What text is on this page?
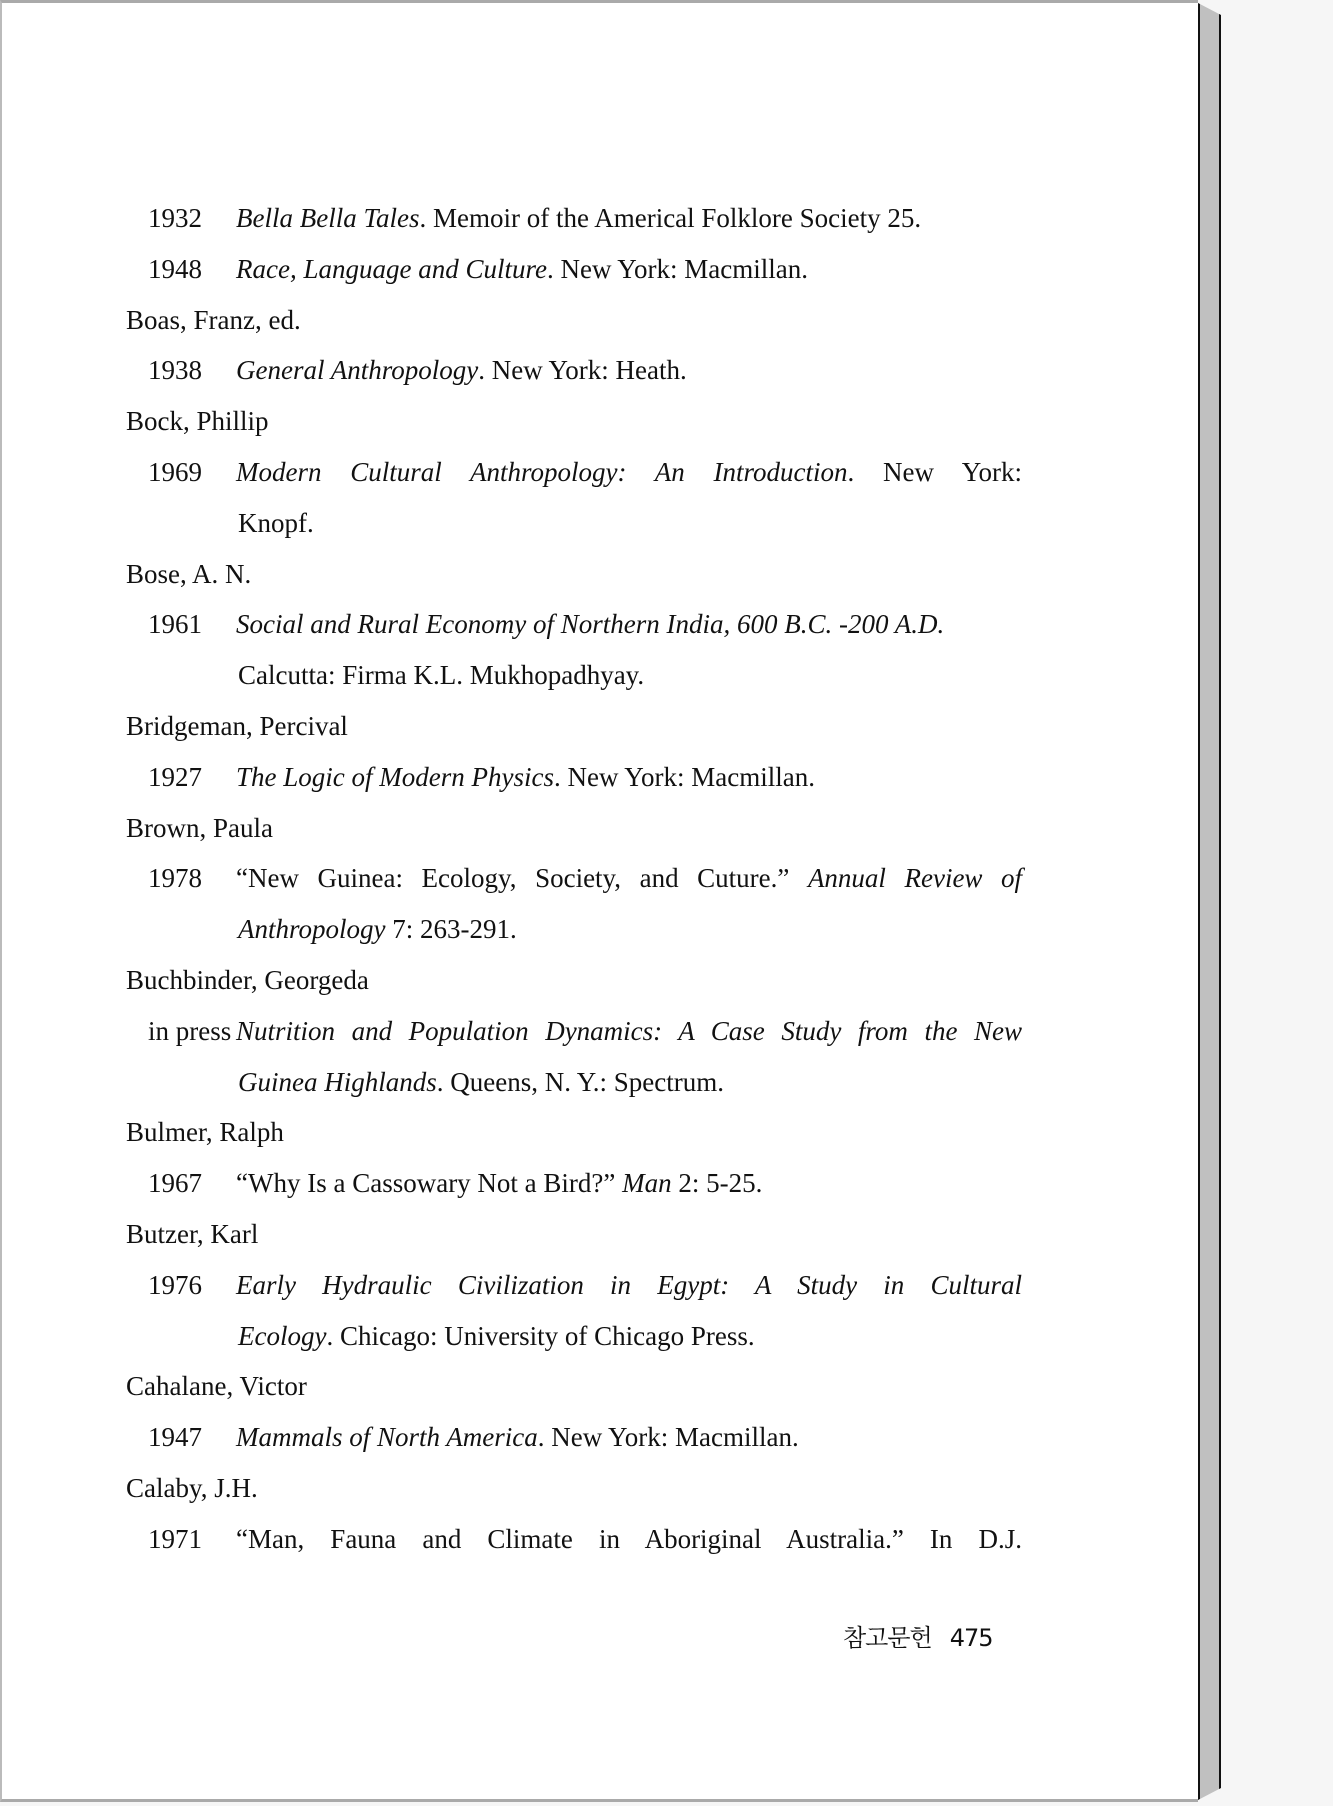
1932 Bella Bella Tales. Memoir of the Americal Folklore Society 25.
1948 Race, Language and Culture. New York: Macmillan.
Boas, Franz, ed.
1938 General Anthropology. New York: Heath.
Bock, Phillip
1969 Modern Cultural Anthropology: An Introduction. New York:
Knopf.
Bose, A. N.
1961 Social and Rural Economy of Northern India, 600 B.C. -200 A.D.
Calcutta: Firma K.L. Mukhopadhyay.
Bridgeman, Percival
1927 The Logic of Modern Physics. New York: Macmillan.
Brown, Paula
1978 “New Guinea: Ecology, Society, and Cuture.” Annual Review of
Anthropology 7: 263-291.
Buchbinder, Georgeda
in press Nutrition and Population Dynamics: A Case Study from the New
Guinea Highlands. Queens, N. Y.: Spectrum.
Bulmer, Ralph
1967 “Why Is a Cassowary Not a Bird?” Man 2: 5-25.
Butzer, Karl
1976 Early Hydraulic Civilization in Egypt: A Study in Cultural
Ecology. Chicago: University of Chicago Press.
Cahalane, Victor
1947 Mammals of North America. New York: Macmillan.
Calaby, J.H.
1971 “Man, Fauna and Climate in Aboriginal Australia.” In D.J.
참고문헌 475
